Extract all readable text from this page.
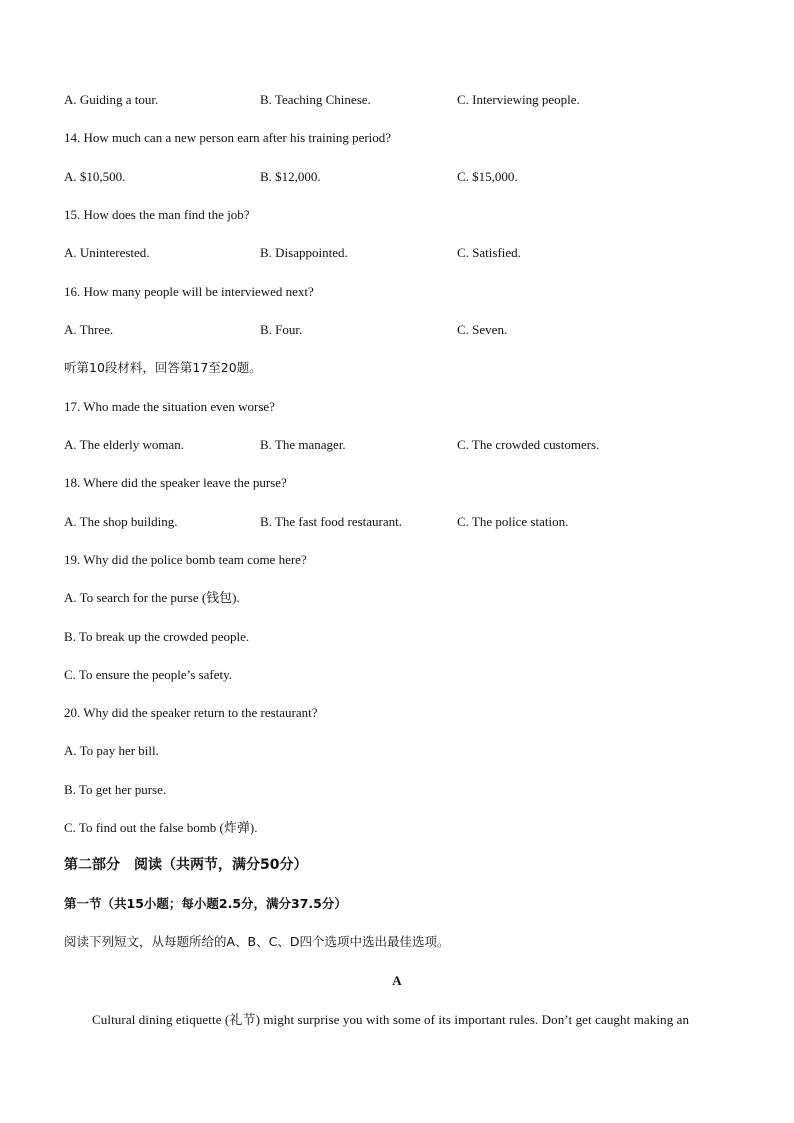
A. Guiding a tour.	B. Teaching Chinese.	C. Interviewing people.
14. How much can a new person earn after his training period?
A. $10,500.	B. $12,000.	C. $15,000.
15. How does the man find the job?
A. Uninterested.	B. Disappointed.	C. Satisfied.
16. How many people will be interviewed next?
A. Three.	B. Four.	C. Seven.
听第10段材料，回答第17至20题。
17. Who made the situation even worse?
A. The elderly woman.	B. The manager.	C. The crowded customers.
18. Where did the speaker leave the purse?
A. The shop building.	B. The fast food restaurant.	C. The police station.
19. Why did the police bomb team come here?
A. To search for the purse (钱包).
B. To break up the crowded people.
C. To ensure the people’s safety.
20. Why did the speaker return to the restaurant?
A. To pay her bill.
B. To get her purse.
C. To find out the false bomb (炸弹).
第二部分　阅读（共两节，满分50分）
第一节（共15小题；每小题2.5分，满分37.5分）
阅读下列短文，从每题所给的A、B、C、D四个选项中选出最佳选项。
A
Cultural dining etiquette (礼节) might surprise you with some of its important rules. Don’t get caught making an
